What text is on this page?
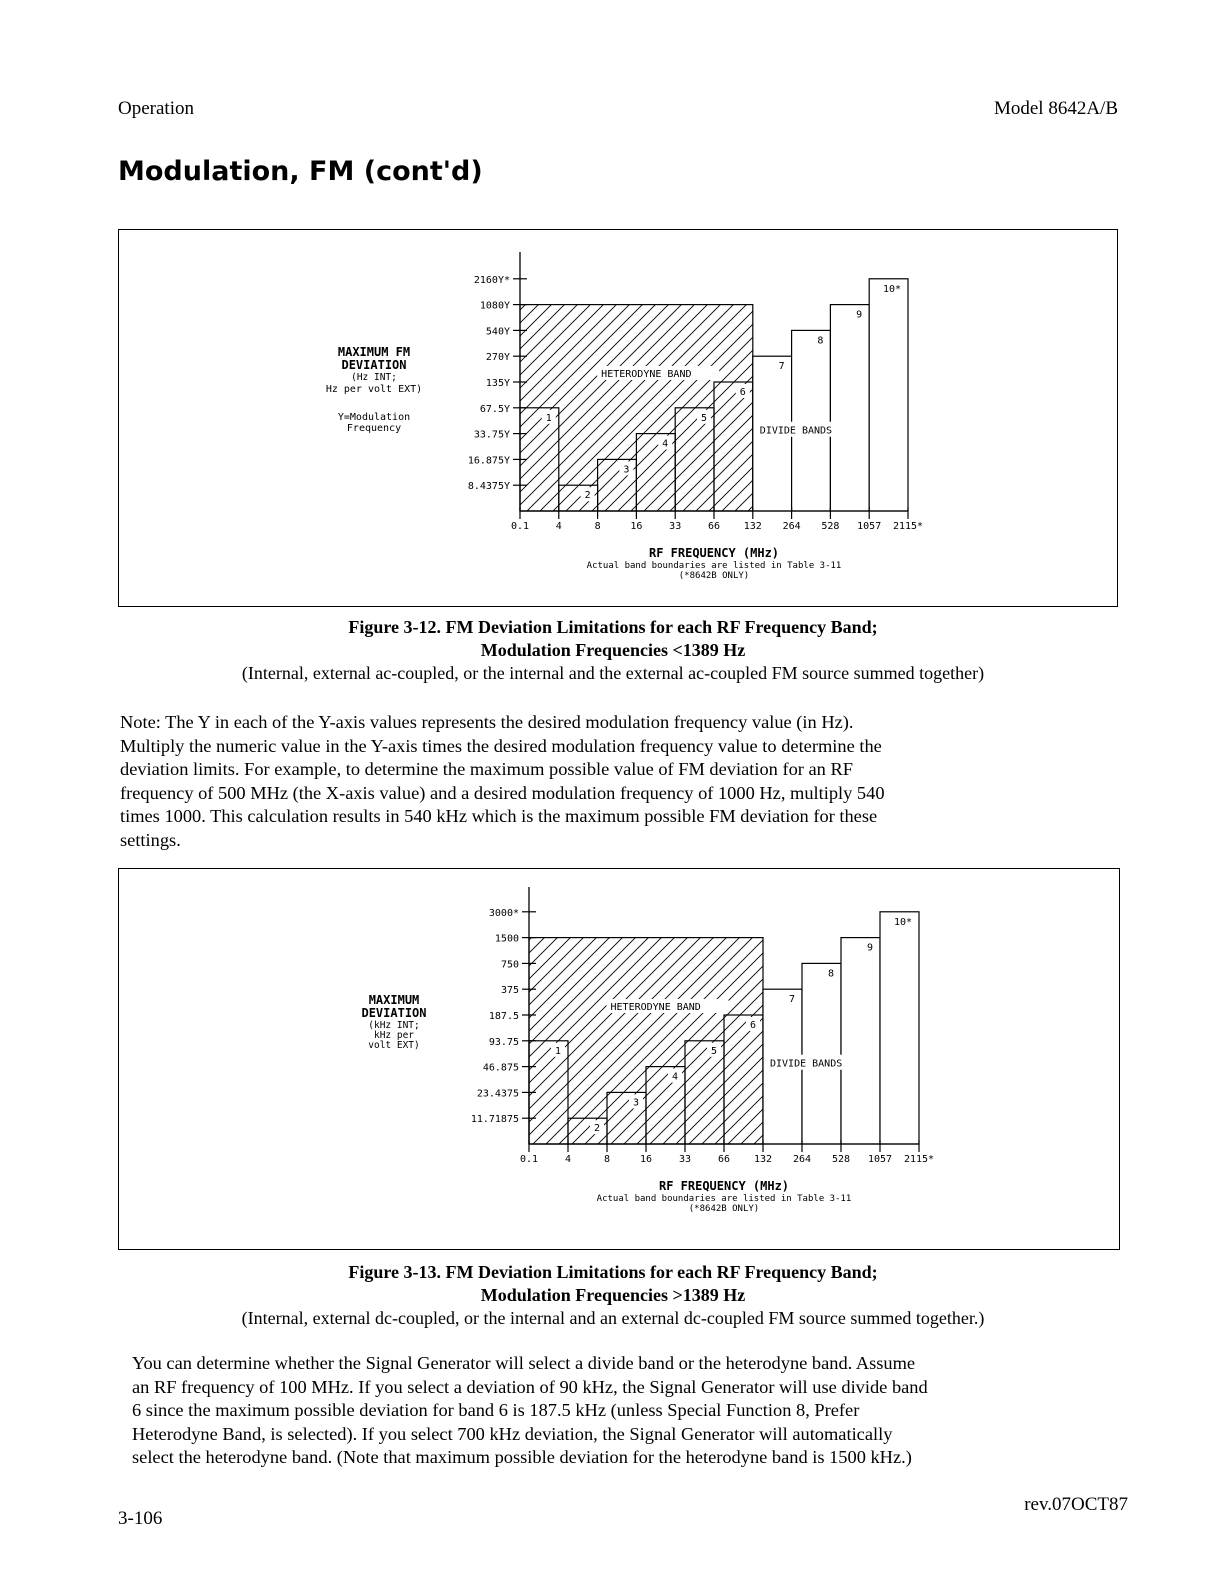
Operation	Model 8642A/B
Modulation, FM (cont'd)
1
2
3
4
5
6
7
8
9
10*
HETERODYNE BAND
DIVIDE BANDS
8.4375Y
16.875Y
33.75Y
67.5Y
135Y
270Y
540Y
1080Y
2160Y*
0.1	4	8	16	33	66 132 264 528 1057 2115*
RF FREQUENCY (MHz)
Actual band boundaries are listed in Table 3-11
(*8642B ONLY)
MAXIMUM FM
DEVIATION
(Hz INT;
Hz per volt EXT)
Y=Modulation
Frequency
Figure 3-12. FM Deviation Limitations for each RF Frequency Band;
Modulation Frequencies <1389 Hz
(Internal, external ac-coupled, or the internal and the external ac-coupled FM source summed together)
Note: The Y in each of the Y-axis values represents the desired modulation frequency value (in Hz).
Multiply the numeric value in the Y-axis times the desired modulation frequency value to determine the
deviation limits. For example, to determine the maximum possible value of FM deviation for an RF
frequency of 500 MHz (the X-axis value) and a desired modulation frequency of 1000 Hz, multiply 540
times 1000. This calculation results in 540 kHz which is the maximum possible FM deviation for these
settings.
1
2
3
4
5
6
7
8
9
10*
HETERODYNE BAND
DIVIDE BANDS
11.71875
23.4375
46.875
93.75
187.5
375
750
1500
3000*
0.1	4	8	16	33	66 132 264 528 1057 2115*
RF FREQUENCY (MHz)
Actual band boundaries are listed in Table 3-11
(*8642B ONLY)
MAXIMUM
DEVIATION
(kHz INT;
kHz per
volt EXT)
Figure 3-13. FM Deviation Limitations for each RF Frequency Band;
Modulation Frequencies >1389 Hz
(Internal, external dc-coupled, or the internal and an external dc-coupled FM source summed together.)
You can determine whether the Signal Generator will select a divide band or the heterodyne band. Assume
an RF frequency of 100 MHz. If you select a deviation of 90 kHz, the Signal Generator will use divide band
6 since the maximum possible deviation for band 6 is 187.5 kHz (unless Special Function 8, Prefer
Heterodyne Band, is selected). If you select 700 kHz deviation, the Signal Generator will automatically
select the heterodyne band. (Note that maximum possible deviation for the heterodyne band is 1500 kHz.)
3-106
rev.07OCT87
